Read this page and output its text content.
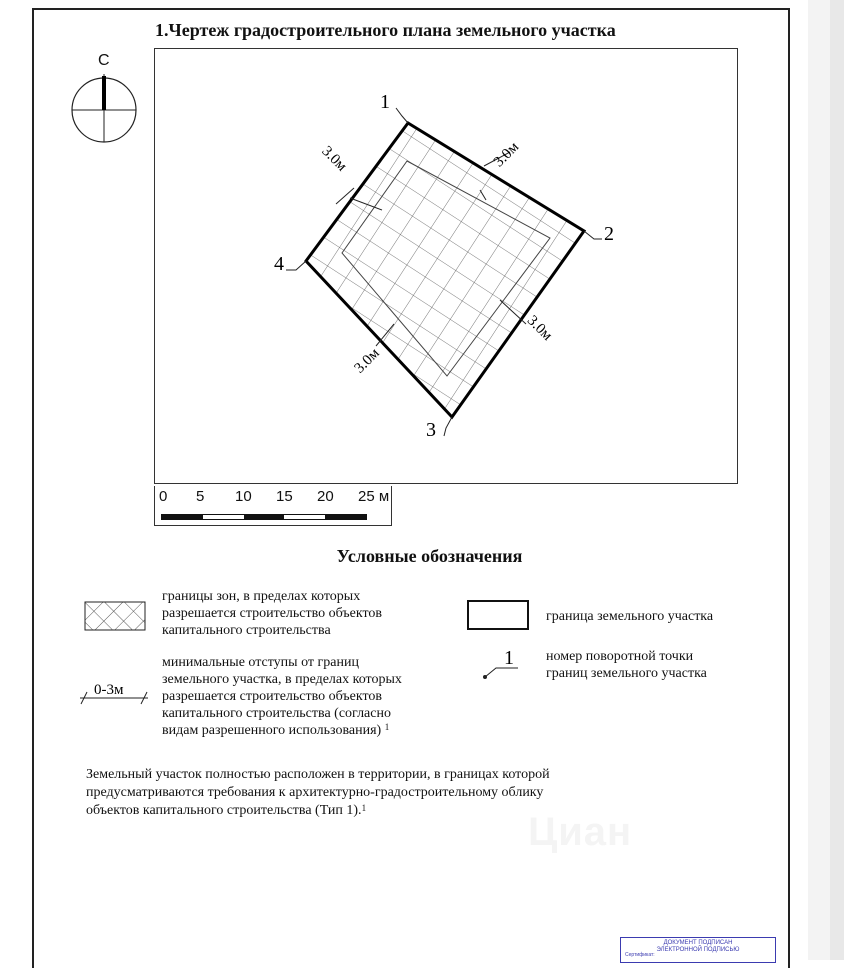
1.Чертеж градостроительного плана земельного участка
С
1
2
3
4
3.0м
3.0м
3.0м
3.0м
0 5 10 15 20 25 м
Условные обозначения
границы зон, в пределах которых
разрешается строительство объектов
капитального строительства
граница земельного участка
0-3м
минимальные отступы от границ
земельного участка, в пределах которых
разрешается строительство объектов
капитального строительства (согласно
видам разрешенного использования) $^1$
1 номер поворотной точки
границ земельного участка
Земельный участок полностью расположен в территории, в границах которой
предусматриваются требования к архитектурно-градостроительному облику
объектов капитального строительства (Тип 1).$^1$
Циан
ДОКУМЕНТ ПОДПИСАН
ЭЛЕКТРОННОЙ ПОДПИСЬЮ
Сертификат:
